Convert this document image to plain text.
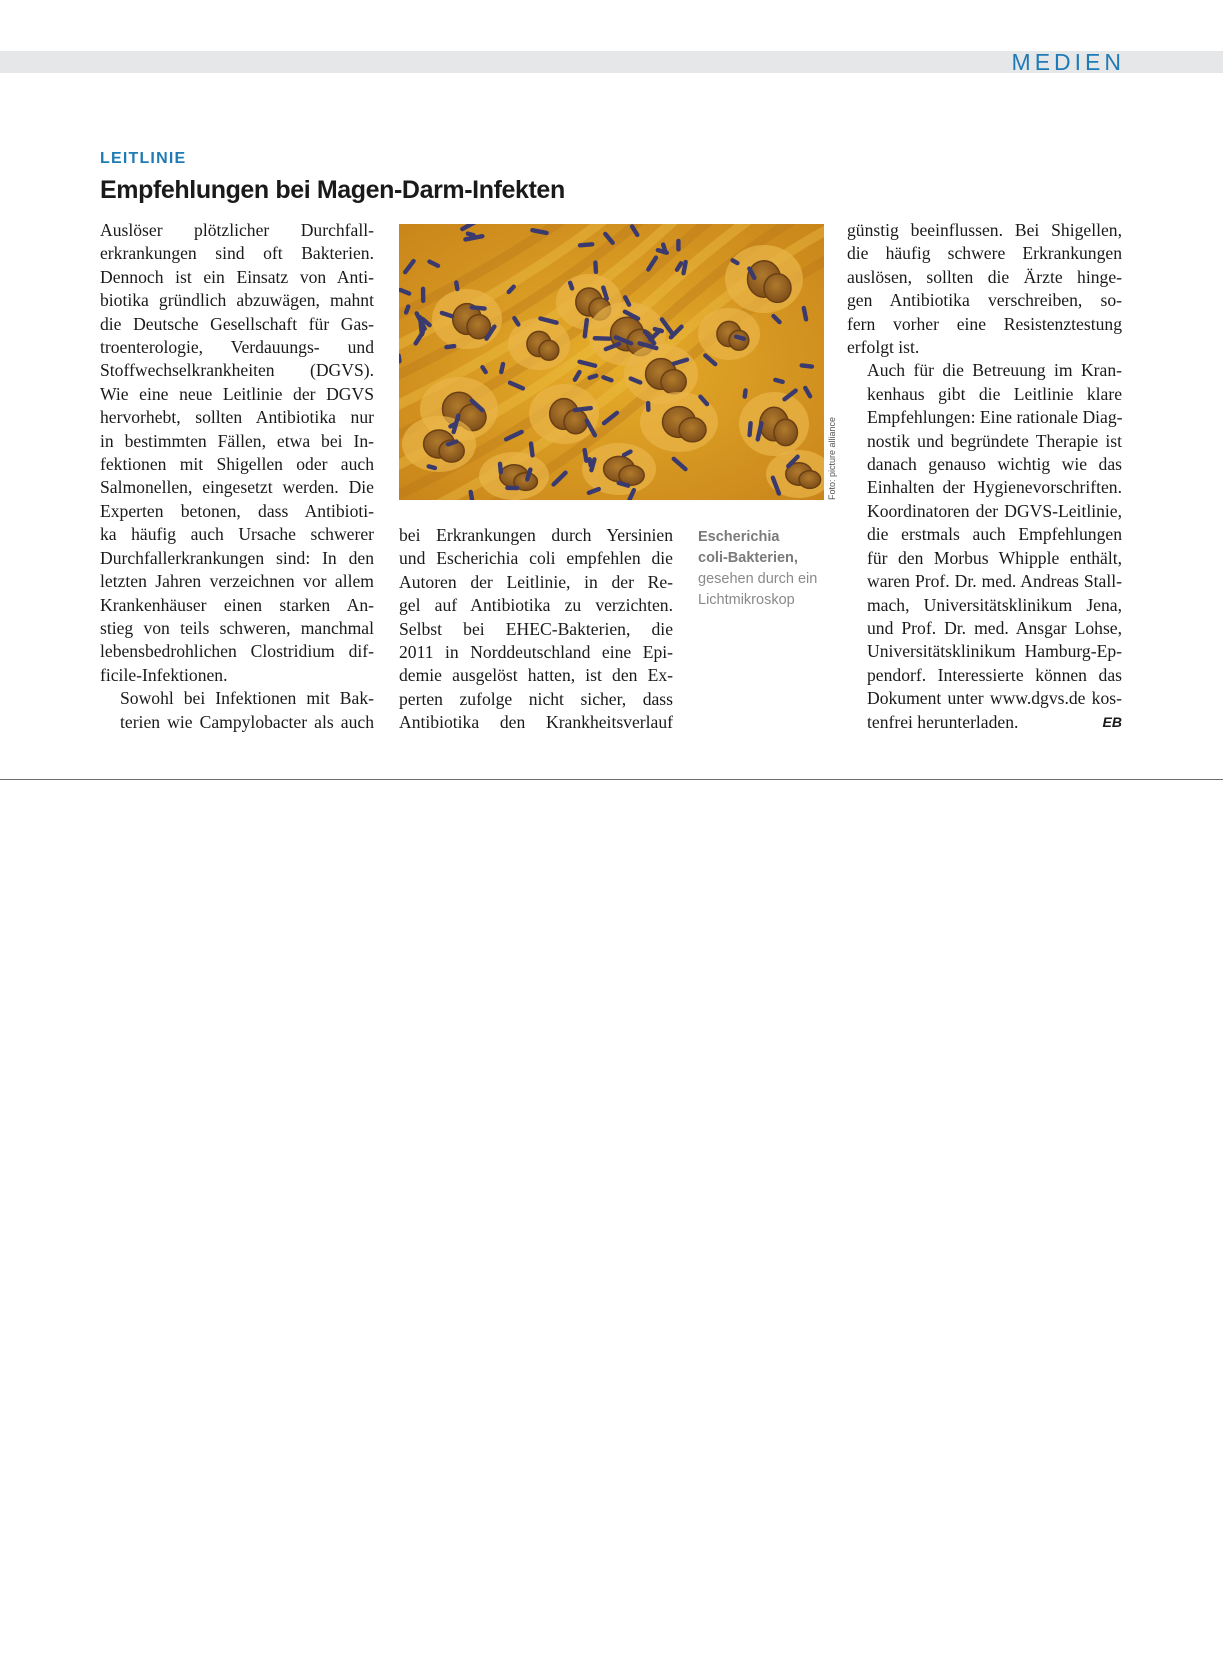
MEDIEN
LEITLINIE
Empfehlungen bei Magen-Darm-Infekten

Auslöser plötzlicher Durchfall-
erkrankungen sind oft Bakterien.
Dennoch ist ein Einsatz von Anti-
biotika gründlich abzuwägen, mahnt
die Deutsche Gesellschaft für Gas-
troenterologie, Verdauungs- und
Stoffwechselkrankheiten (DGVS).
Wie eine neue Leitlinie der DGVS
hervorhebt, sollten Antibiotika nur
in bestimmten Fällen, etwa bei In-
fektionen mit Shigellen oder auch
Salmonellen, eingesetzt werden. Die
Experten betonen, dass Antibioti-
ka häufig auch Ursache schwerer
Durchfallerkrankungen sind: In den
letzten Jahren verzeichnen vor allem
Krankenhäuser einen starken An-
stieg von teils schweren, manchmal
lebensbedrohlichen Clostridium dif-
ficile-Infektionen.

Sowohl bei Infektionen mit Bak-
terien wie Campylobacter als auch

Foto: picture alliance
Escherichia
coli-Bakterien,
gesehen durch ein
Lichtmikroskop

bei Erkrankungen durch Yersinien
und Escherichia coli empfehlen die
Autoren der Leitlinie, in der Re-
gel auf Antibiotika zu verzichten.
Selbst bei EHEC-Bakterien, die
2011 in Norddeutschland eine Epi-
demie ausgelöst hatten, ist den Ex-
perten zufolge nicht sicher, dass
Antibiotika den Krankheitsverlauf

günstig beeinflussen. Bei Shigellen,
die häufig schwere Erkrankungen
auslösen, sollten die Ärzte hinge-
gen Antibiotika verschreiben, so-
fern vorher eine Resistenztestung
erfolgt ist.

Auch für die Betreuung im Kran-
kenhaus gibt die Leitlinie klare
Empfehlungen: Eine rationale Diag-
nostik und begründete Therapie ist
danach genauso wichtig wie das
Einhalten der Hygienevorschriften.
Koordinatoren der DGVS-Leitlinie,
die erstmals auch Empfehlungen
für den Morbus Whipple enthält,
waren Prof. Dr. med. Andreas Stall-
mach, Universitätsklinikum Jena,
und Prof. Dr. med. Ansgar Lohse,
Universitätsklinikum Hamburg-Ep-
pendorf. Interessierte können das
Dokument unter www.dgvs.de kos-
tenfrei herunterladen.	EB
